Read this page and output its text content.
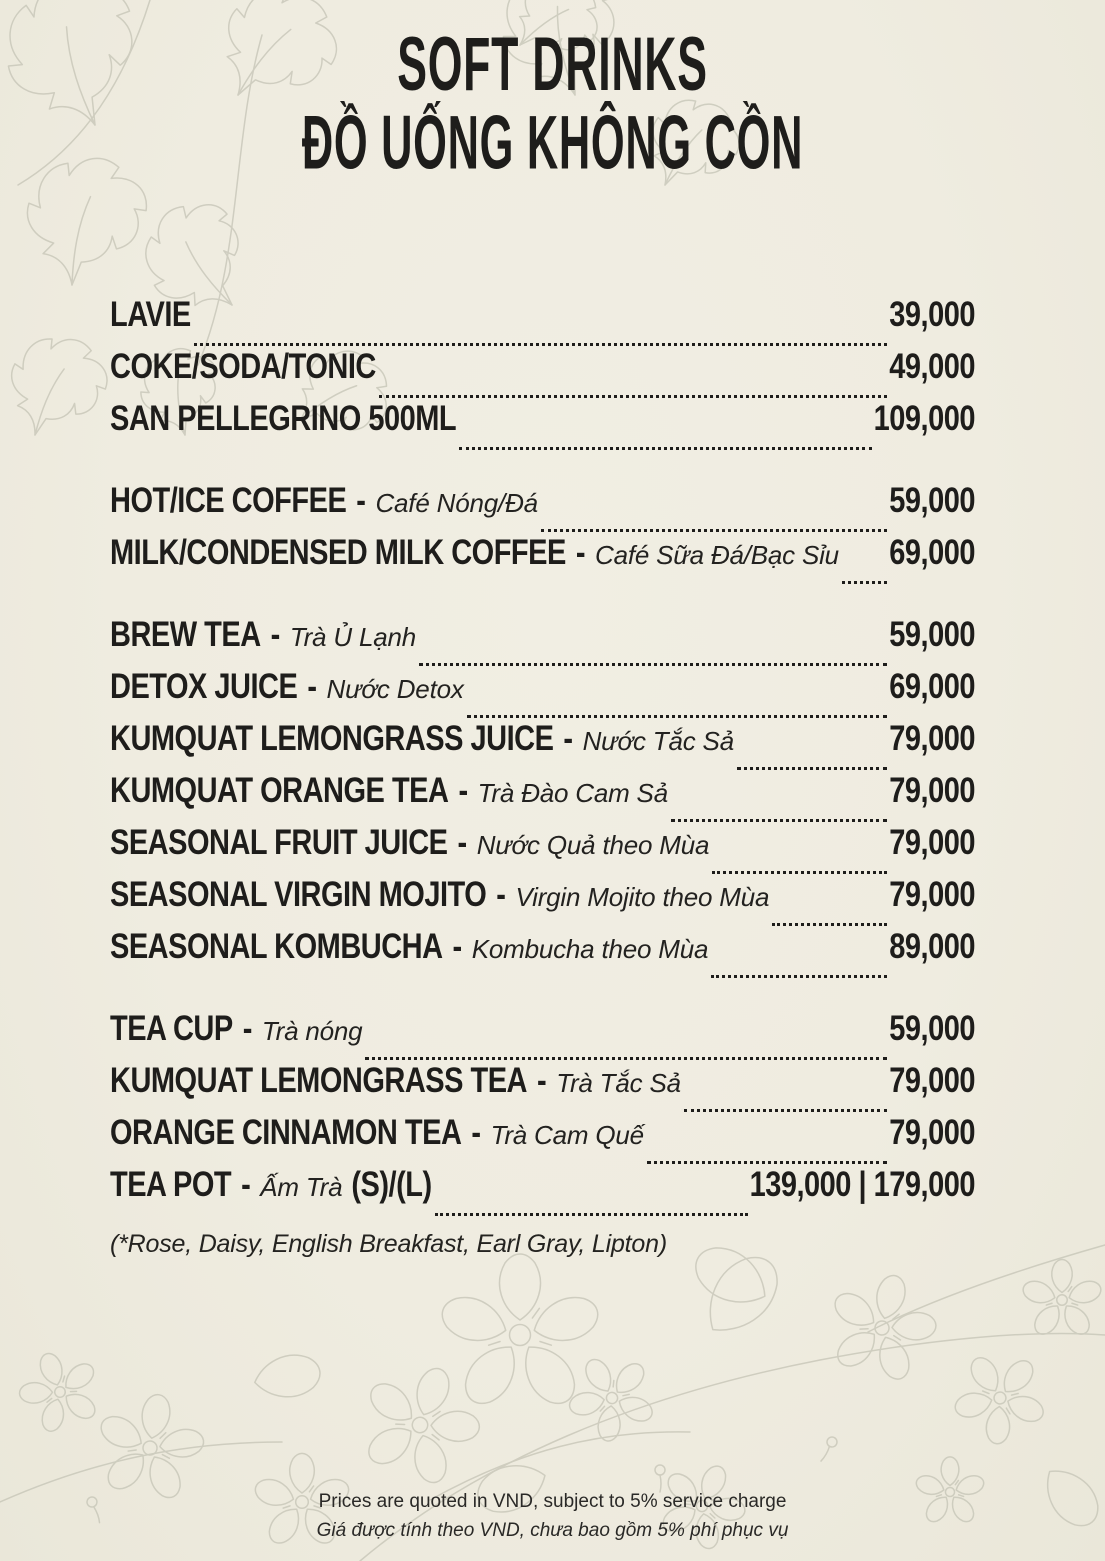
SOFT DRINKS
ĐỒ UỐNG KHÔNG CỒN
LAVIE	39,000
COKE/SODA/TONIC	49,000
SAN PELLEGRINO 500ML	109,000
HOT/ICE COFFEE - Café Nóng/Đá	59,000
MILK/CONDENSED MILK COFFEE - Café Sữa Đá/Bạc Sỉu 69,000
BREW TEA - Trà Ủ Lạnh	59,000
DETOX JUICE - Nước Detox	69,000
KUMQUAT LEMONGRASS JUICE - Nước Tắc Sả	79,000
KUMQUAT ORANGE TEA - Trà Đào Cam Sả	79,000
SEASONAL FRUIT JUICE - Nước Quả theo Mùa	79,000
SEASONAL VIRGIN MOJITO - Virgin Mojito theo Mùa	79,000
SEASONAL KOMBUCHA - Kombucha theo Mùa	89,000
TEA CUP - Trà nóng	59,000
KUMQUAT LEMONGRASS TEA - Trà Tắc Sả	79,000
ORANGE CINNAMON TEA - Trà Cam Quế	79,000
TEA POT - Ấm Trà (S)/(L)	139,000 | 179,000
(*Rose, Daisy, English Breakfast, Earl Gray, Lipton)
Prices are quoted in VND, subject to 5% service charge
Giá được tính theo VND, chưa bao gồm 5% phí phục vụ
